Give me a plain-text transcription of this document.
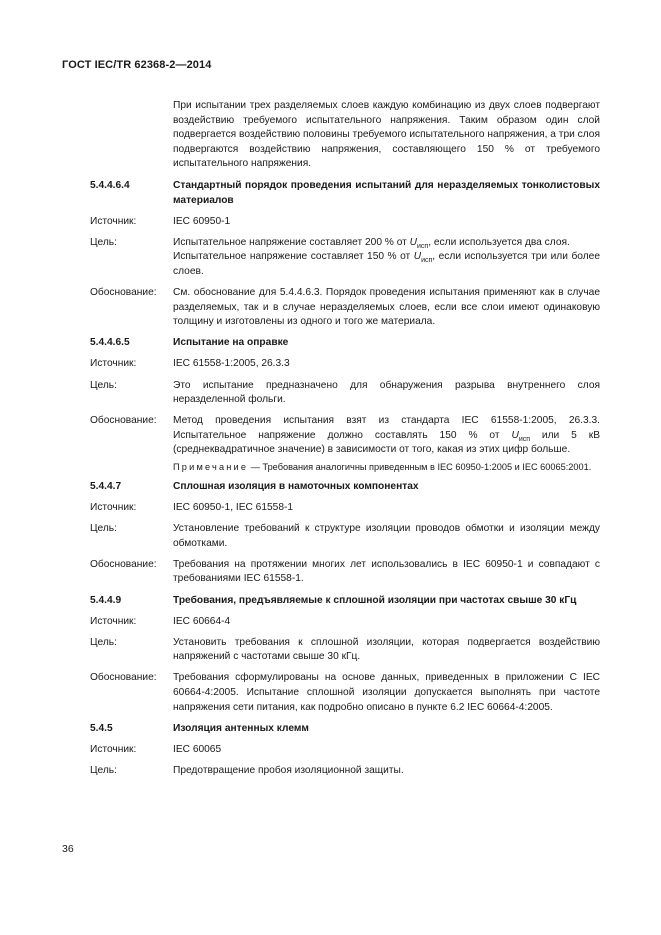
ГОСТ IEC/TR 62368-2—2014
При испытании трех разделяемых слоев каждую комбинацию из двух слоев подвергают воздействию требуемого испытательного напряжения. Таким образом один слой подвергается воздействию половины требуемого испытательного напряжения, а три слоя подвергаются воздействию напряжения, составляющего 150 % от требуемого испытательного напряжения.
5.4.4.6.4	Стандартный порядок проведения испытаний для неразделяемых тонколистовых материалов
Источник:	IEC 60950-1
Цель:	Испытательное напряжение составляет 200 % от $U_{исп}$, если используется два слоя.
Испытательное напряжение составляет 150 % от $U_{исп}$, если используется три или более слоев.
Обоснование: См. обоснование для 5.4.4.6.3. Порядок проведения испытания применяют как в случае разделяемых, так и в случае неразделяемых слоев, если все слои имеют одинаковую толщину и изготовлены из одного и того же материала.
5.4.4.6.5	Испытание на оправке
Источник:	IEC 61558-1:2005, 26.3.3
Цель:	Это испытание предназначено для обнаружения разрыва внутреннего слоя неразделенной фольги.
Обоснование: Метод проведения испытания взят из стандарта IEC 61558-1:2005, 26.3.3. Испытательное напряжение должно составлять 150 % от $U_{исп}$ или 5 кВ (среднеквадратичное значение) в зависимости от того, какая из этих цифр больше.
Примечание — Требования аналогичны приведенным в IEC 60950-1:2005 и IEC 60065:2001.
5.4.4.7	Сплошная изоляция в намоточных компонентах
Источник:	IEC 60950-1, IEC 61558-1
Цель:	Установление требований к структуре изоляции проводов обмотки и изоляции между обмотками.
Обоснование: Требования на протяжении многих лет использовались в IEC 60950-1 и совпадают с требованиями IEC 61558-1.
5.4.4.9	Требования, предъявляемые к сплошной изоляции при частотах свыше 30 кГц
Источник:	IEC 60664-4
Цель:	Установить требования к сплошной изоляции, которая подвергается воздействию напряжений с частотами свыше 30 кГц.
Обоснование: Требования сформулированы на основе данных, приведенных в приложении С IEC 60664-4:2005. Испытание сплошной изоляции допускается выполнять при частоте напряжения сети питания, как подробно описано в пункте 6.2 IEC 60664-4:2005.
5.4.5	Изоляция антенных клемм
Источник:	IEC 60065
Цель:	Предотвращение пробоя изоляционной защиты.
36
